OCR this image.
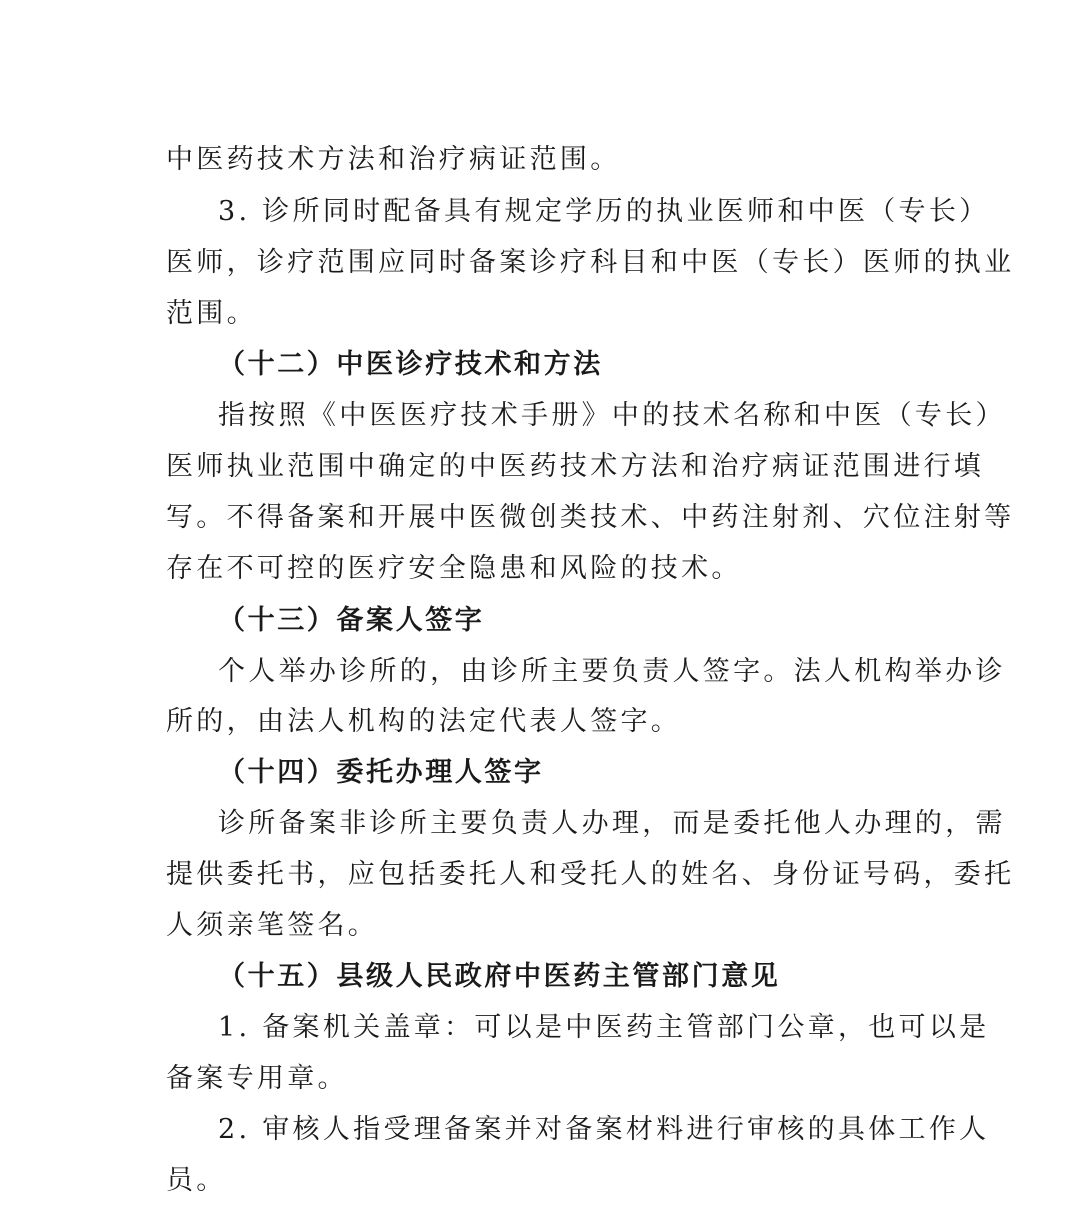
中医药技术方法和治疗病证范围。
3. 诊所同时配备具有规定学历的执业医师和中医（专长）
医师，诊疗范围应同时备案诊疗科目和中医（专长）医师的执业
范围。
（十二）中医诊疗技术和方法
指按照《中医医疗技术手册》中的技术名称和中医（专长）
医师执业范围中确定的中医药技术方法和治疗病证范围进行填
写。不得备案和开展中医微创类技术、中药注射剂、穴位注射等
存在不可控的医疗安全隐患和风险的技术。
（十三）备案人签字
个人举办诊所的，由诊所主要负责人签字。法人机构举办诊
所的，由法人机构的法定代表人签字。
（十四）委托办理人签字
诊所备案非诊所主要负责人办理，而是委托他人办理的，需
提供委托书，应包括委托人和受托人的姓名、身份证号码，委托
人须亲笔签名。
（十五）县级人民政府中医药主管部门意见
1. 备案机关盖章：可以是中医药主管部门公章，也可以是
备案专用章。
2. 审核人指受理备案并对备案材料进行审核的具体工作人
员。
